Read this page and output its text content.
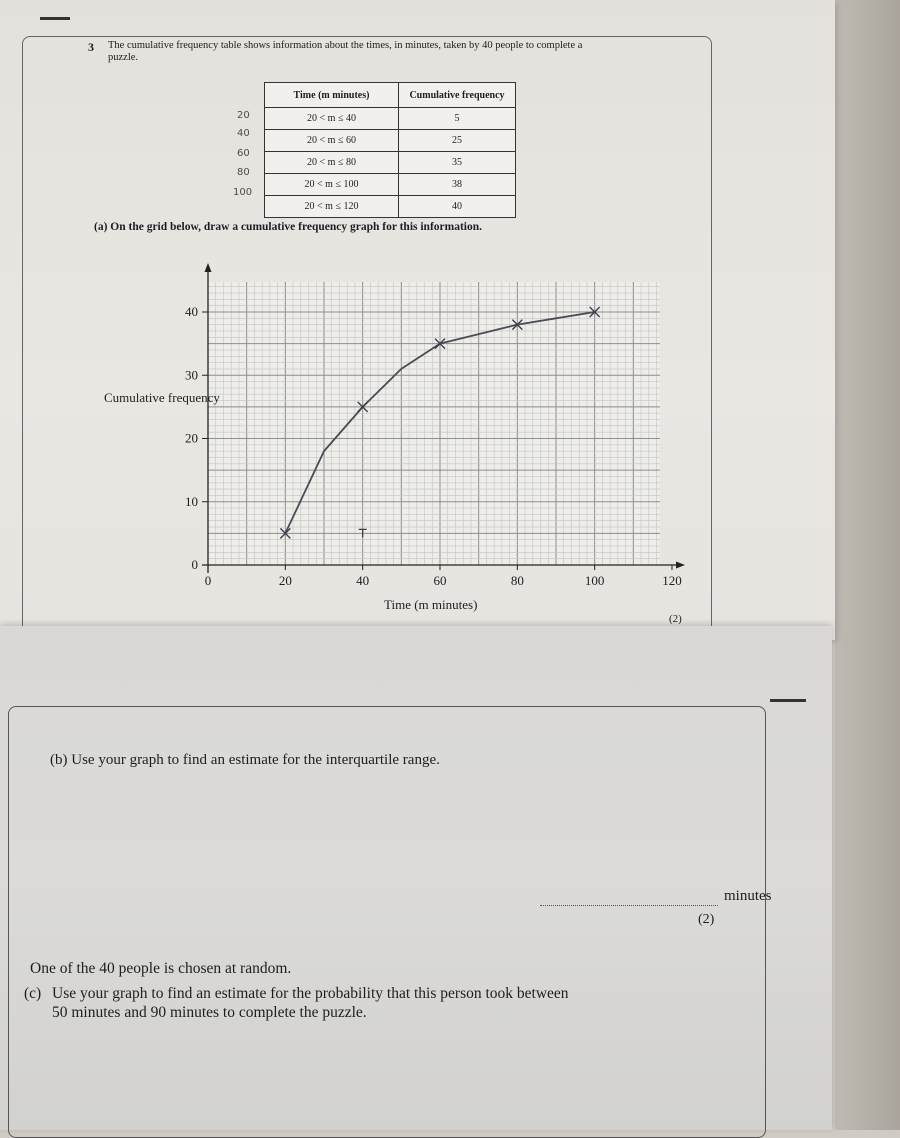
3 The cumulative frequency table shows information about the times, in minutes, taken by 40 people to complete a puzzle.
Time (m minutes)	Cumulative frequency
20 < m ≤ 40	5
20 < m ≤ 60	25
20 < m ≤ 80	35
20 < m ≤ 100	38
20 < m ≤ 120	40
20
40
60
80
100
(a) On the grid below, draw a cumulative frequency graph for this information.
0	20	40	60	80	100	120
0
10
20
30
40
Cumulative frequency
Time (m minutes)
(2)
(b) Use your graph to find an estimate for the interquartile range.
minutes
(2)
One of the 40 people is chosen at random.
(c) Use your graph to find an estimate for the probability that this person took between
50 minutes and 90 minutes to complete the puzzle.
